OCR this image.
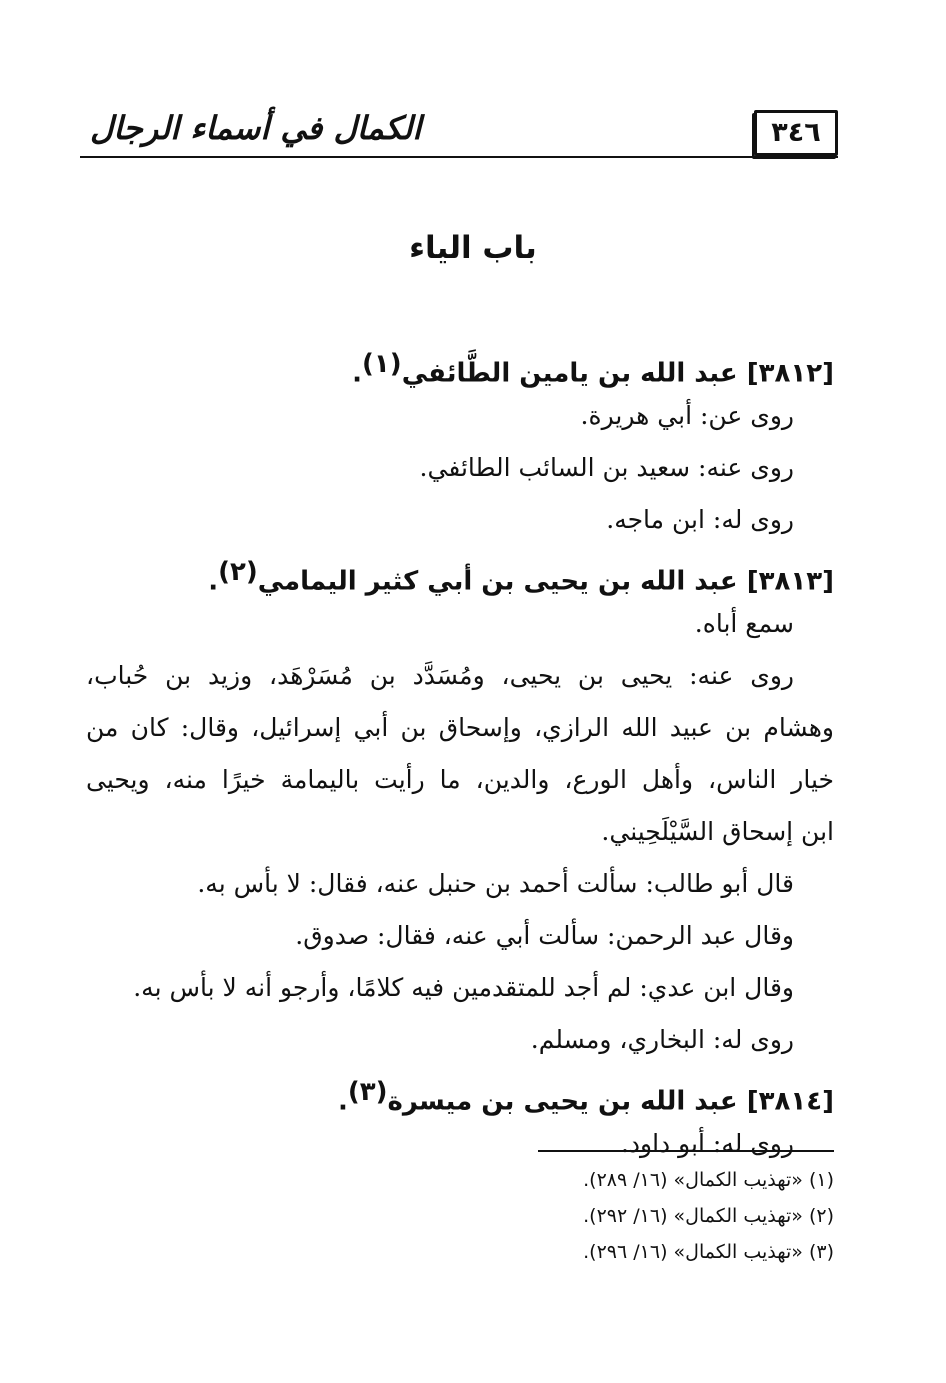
٣٤٦
الكمال في أسماء الرجال
باب الياء
[٣٨١٢] عبد الله بن يامين الطَّائفي$^{(١)}$.
روى عن: أبي هريرة.
روى عنه: سعيد بن السائب الطائفي.
روى له: ابن ماجه.
[٣٨١٣] عبد الله بن يحيى بن أبي كثير اليمامي$^{(٢)}$.
سمع أباه.
روى عنه: يحيى بن يحيى، ومُسَدَّد بن مُسَرْهَد، وزيد بن حُباب،
وهشام بن عبيد الله الرازي، وإسحاق بن أبي إسرائيل، وقال: كان من
خيار الناس، وأهل الورع، والدين، ما رأيت باليمامة خيرًا منه، ويحيى
ابن إسحاق السَّيْلَحِيني.
قال أبو طالب: سألت أحمد بن حنبل عنه، فقال: لا بأس به.
وقال عبد الرحمن: سألت أبي عنه، فقال: صدوق.
وقال ابن عدي: لم أجد للمتقدمين فيه كلامًا، وأرجو أنه لا بأس به.
روى له: البخاري، ومسلم.
[٣٨١٤] عبد الله بن يحيى بن ميسرة$^{(٣)}$.
روى له: أبو داود.
(١) «تهذيب الكمال» (١٦/ ٢٨٩).
(٢) «تهذيب الكمال» (١٦/ ٢٩٢).
(٣) «تهذيب الكمال» (١٦/ ٢٩٦).
